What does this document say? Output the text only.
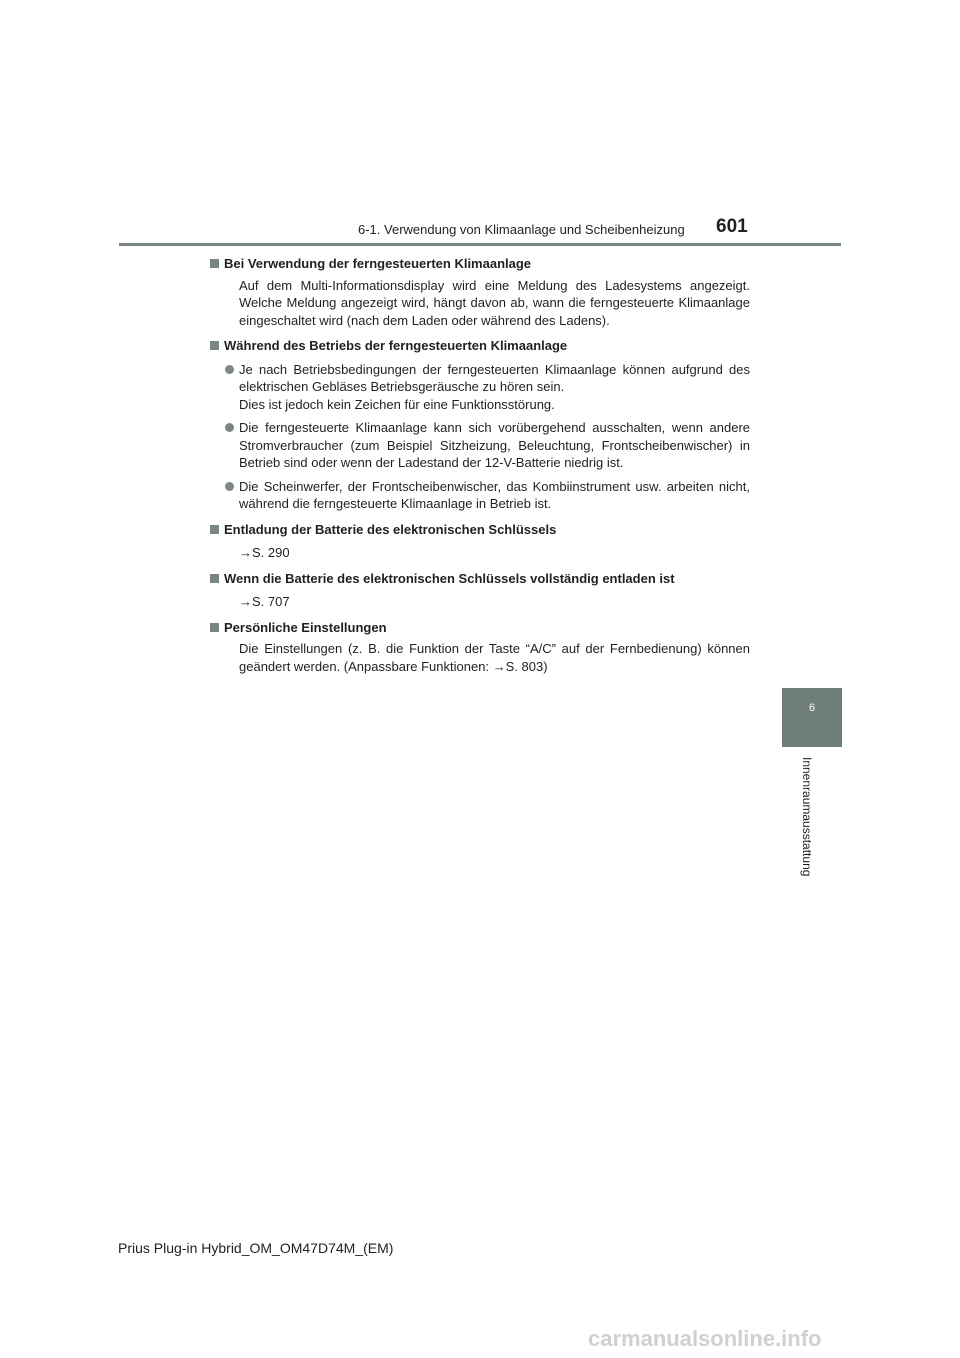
6-1. Verwendung von Klimaanlage und Scheibenheizung 601
6
Innenraumausstattung
Bei Verwendung der ferngesteuerten Klimaanlage
Auf dem Multi-Informationsdisplay wird eine Meldung des Ladesystems angezeigt. Welche Meldung angezeigt wird, hängt davon ab, wann die ferngesteuerte Klimaanlage eingeschaltet wird (nach dem Laden oder während des Ladens).
Während des Betriebs der ferngesteuerten Klimaanlage
Je nach Betriebsbedingungen der ferngesteuerten Klimaanlage können aufgrund des elektrischen Gebläses Betriebsgeräusche zu hören sein.
Dies ist jedoch kein Zeichen für eine Funktionsstörung.
Die ferngesteuerte Klimaanlage kann sich vorübergehend ausschalten, wenn andere Stromverbraucher (zum Beispiel Sitzheizung, Beleuchtung, Frontscheibenwischer) in Betrieb sind oder wenn der Ladestand der 12-V-Batterie niedrig ist.
Die Scheinwerfer, der Frontscheibenwischer, das Kombiinstrument usw. arbeiten nicht, während die ferngesteuerte Klimaanlage in Betrieb ist.
Entladung der Batterie des elektronischen Schlüssels
→S. 290
Wenn die Batterie des elektronischen Schlüssels vollständig entladen ist
→S. 707
Persönliche Einstellungen
Die Einstellungen (z. B. die Funktion der Taste “A/C” auf der Fernbedienung) können geändert werden. (Anpassbare Funktionen: →S. 803)
Prius Plug-in Hybrid_OM_OM47D74M_(EM)
carmanualsonline.info
